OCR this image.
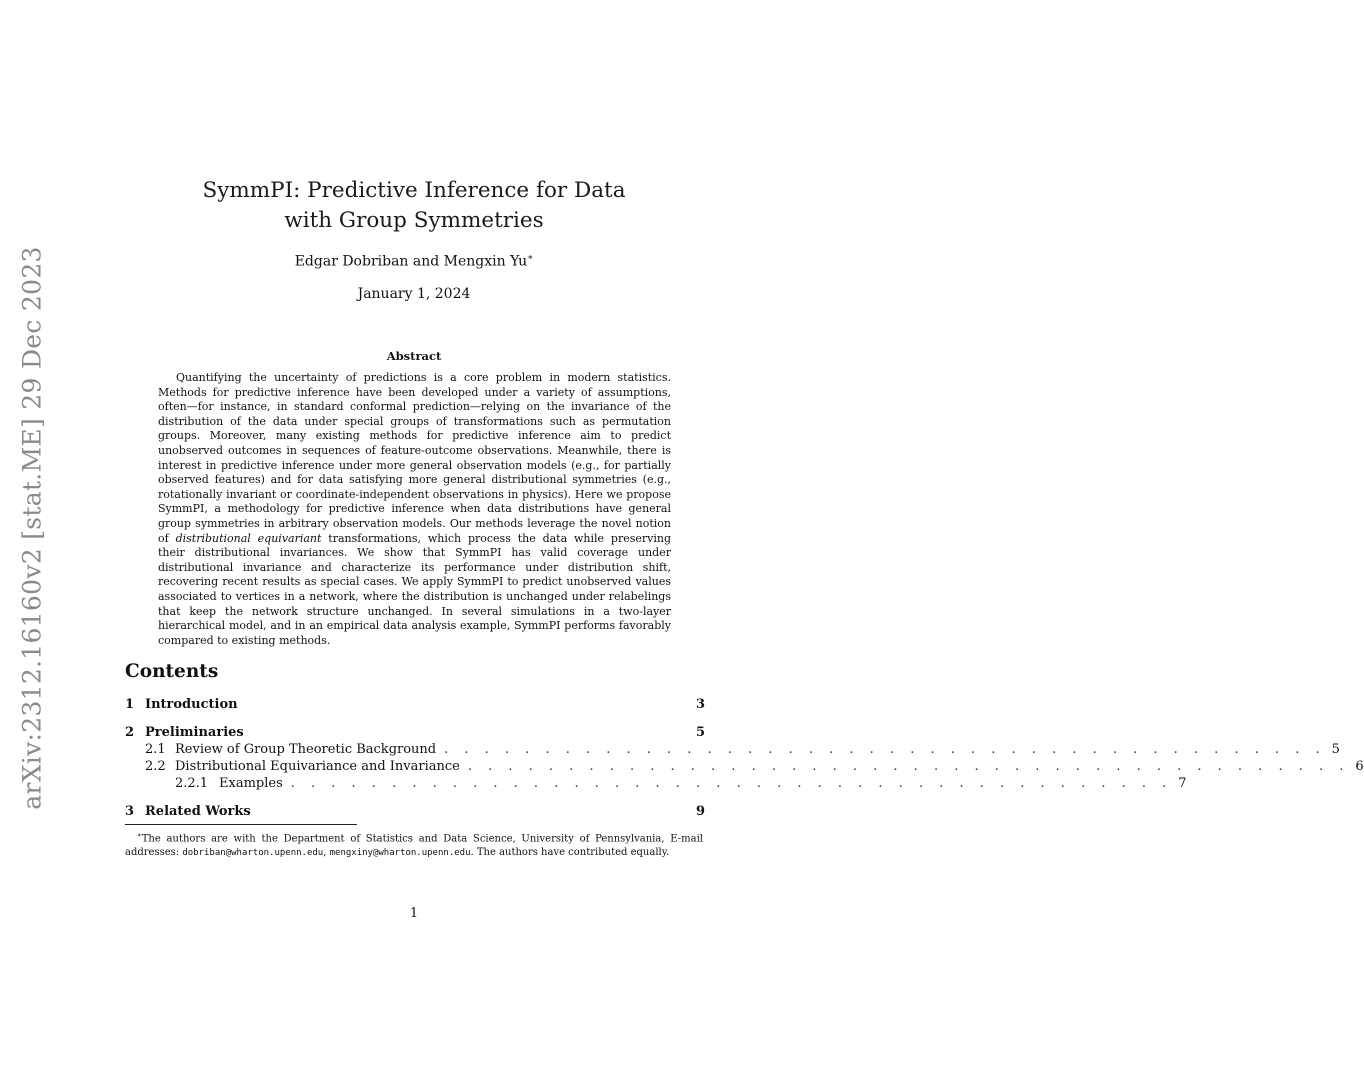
arXiv:2312.16160v2 [stat.ME] 29 Dec 2023
SymmPI: Predictive Inference for Data
with Group Symmetries
Edgar Dobriban and Mengxin Yu∗
January 1, 2024
Abstract

Quantifying the uncertainty of predictions is a core problem in modern statistics. Methods for predictive inference have been developed under a variety of assumptions, often—for instance, in standard conformal prediction—relying on the invariance of the distribution of the data under special groups of transformations such as permutation groups. Moreover, many existing methods for predictive inference aim to predict unobserved outcomes in sequences of feature-outcome observations. Meanwhile, there is interest in predictive inference under more general observation models (e.g., for partially observed features) and for data satisfying more general distributional symmetries (e.g., rotationally invariant or coordinate-independent observations in physics). Here we propose SymmPI, a methodology for predictive inference when data distributions have general group symmetries in arbitrary observation models. Our methods leverage the novel notion of distributional equivariant transformations, which process the data while preserving their distributional invariances. We show that SymmPI has valid coverage under distributional invariance and characterize its performance under distribution shift, recovering recent results as special cases. We apply SymmPI to predict unobserved values associated to vertices in a network, where the distribution is unchanged under relabelings that keep the network structure unchanged. In several simulations in a two-layer hierarchical model, and in an empirical data analysis example, SymmPI performs favorably compared to existing methods.

Contents
1 Introduction	3
2 Preliminaries	5
2.1 Review of Group Theoretic Background . . . . . . . . . . . . . . . . . . . . . . . . . . . . . . . . . . . . . . . . . . . . 5
2.2 Distributional Equivariance and Invariance . . . . . . . . . . . . . . . . . . . . . . . . . . . . . . . . . . . . . . . . . . . . 6
2.2.1 Examples . . . . . . . . . . . . . . . . . . . . . . . . . . . . . . . . . . . . . . . . . . . . 7
3 Related Works	9
∗The authors are with the Department of Statistics and Data Science, University of Pennsylvania, E-mail addresses: dobriban@wharton.upenn.edu, mengxiny@wharton.upenn.edu. The authors have contributed equally.
1
